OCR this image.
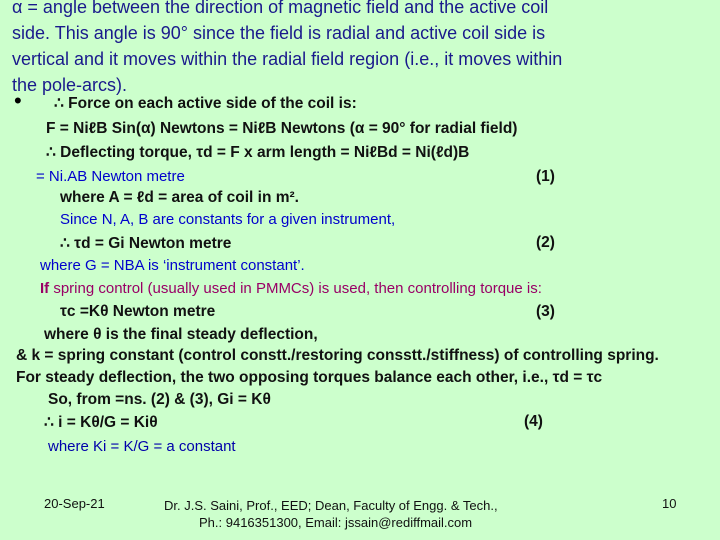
α = angle between the direction of magnetic field and the active coil
side. This angle is 90° since the field is radial and active coil side is
vertical and it moves within the radial field region (i.e., it moves within
the pole-arcs).
• ∴ Force on each active side of the coil is:
F = NiℓB Sin(α) Newtons = NiℓB Newtons (α = 90° for radial field)
∴ Deflecting torque, τd = F x arm length = NiℓBd = Ni(ℓd)B
= Ni.AB Newton metre	(1)
where A = ℓd = area of coil in m².
Since N, A, B are constants for a given instrument,
∴ τd = Gi Newton metre	(2)
where G = NBA is ‘instrument constant’.
If spring control (usually used in PMMCs) is used, then controlling torque is:
τc =Kθ Newton metre	(3)
where θ is the final steady deflection,
& k = spring constant (control constt./restoring consstt./stiffness) of controlling spring.
For steady deflection, the two opposing torques balance each other, i.e., τd = τc
So, from =ns. (2) & (3), Gi = Kθ
∴ i = Kθ/G = Kiθ	(4)
where Ki = K/G = a constant
20-Sep-21	Dr. J.S. Saini, Prof., EED; Dean, Faculty of Engg. & Tech.,
Ph.: 9416351300, Email: jssain@rediffmail.com
10
